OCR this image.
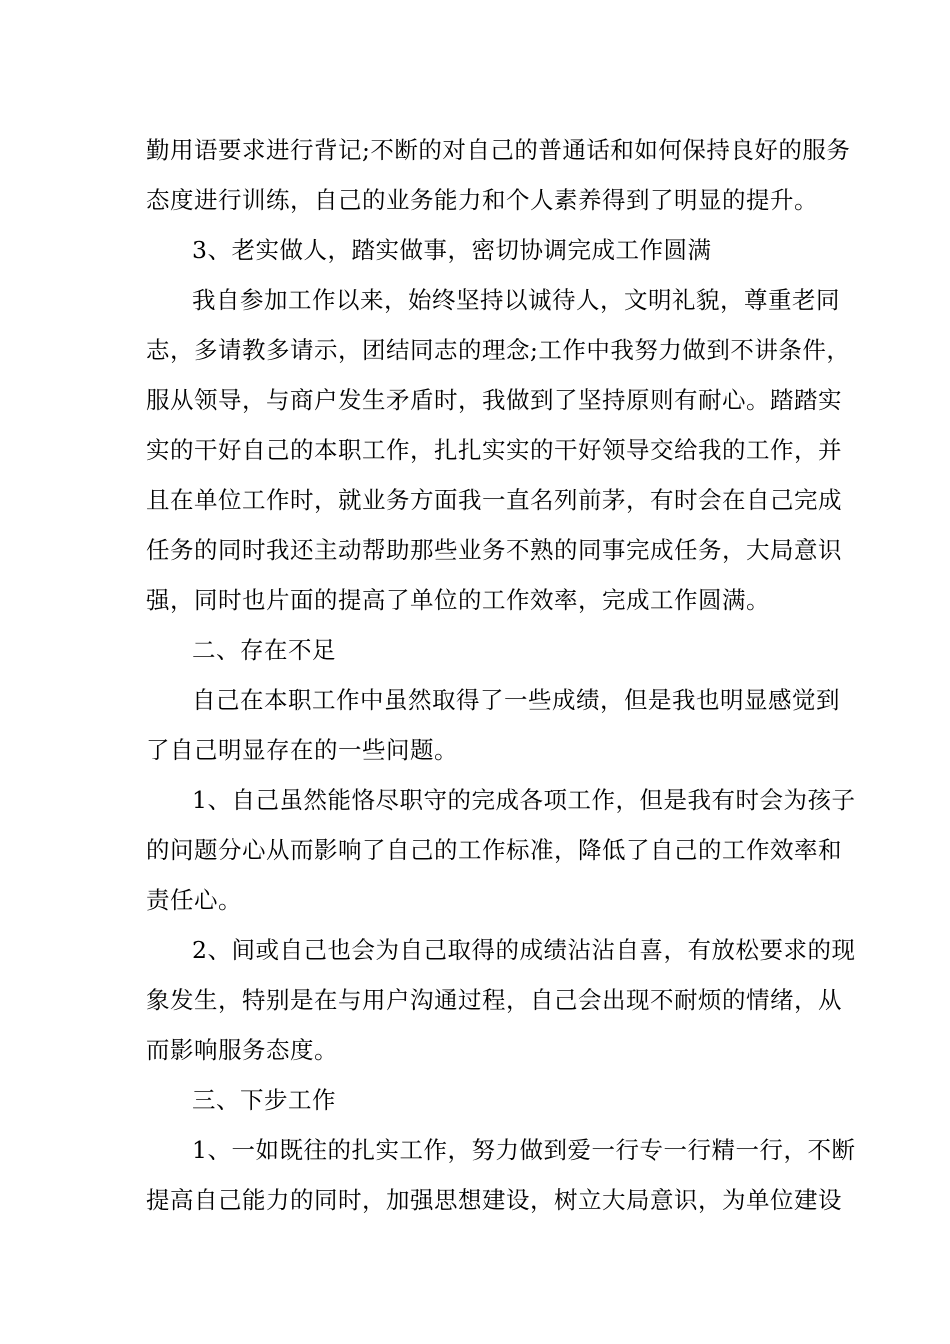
勤用语要求进行背记;不断的对自己的普通话和如何保持良好的服务
态度进行训练，自己的业务能力和个人素养得到了明显的提升。
3、老实做人，踏实做事，密切协调完成工作圆满
我自参加工作以来，始终坚持以诚待人，文明礼貌，尊重老同
志，多请教多请示，团结同志的理念;工作中我努力做到不讲条件，
服从领导，与商户发生矛盾时，我做到了坚持原则有耐心。踏踏实
实的干好自己的本职工作，扎扎实实的干好领导交给我的工作，并
且在单位工作时，就业务方面我一直名列前茅，有时会在自己完成
任务的同时我还主动帮助那些业务不熟的同事完成任务，大局意识
强，同时也片面的提高了单位的工作效率，完成工作圆满。
二、存在不足
自己在本职工作中虽然取得了一些成绩，但是我也明显感觉到
了自己明显存在的一些问题。
1、自己虽然能恪尽职守的完成各项工作，但是我有时会为孩子
的问题分心从而影响了自己的工作标准，降低了自己的工作效率和
责任心。
2、间或自己也会为自己取得的成绩沾沾自喜，有放松要求的现
象发生，特别是在与用户沟通过程，自己会出现不耐烦的情绪，从
而影响服务态度。
三、下步工作
1、一如既往的扎实工作，努力做到爱一行专一行精一行，不断
提高自己能力的同时，加强思想建设，树立大局意识，为单位建设
